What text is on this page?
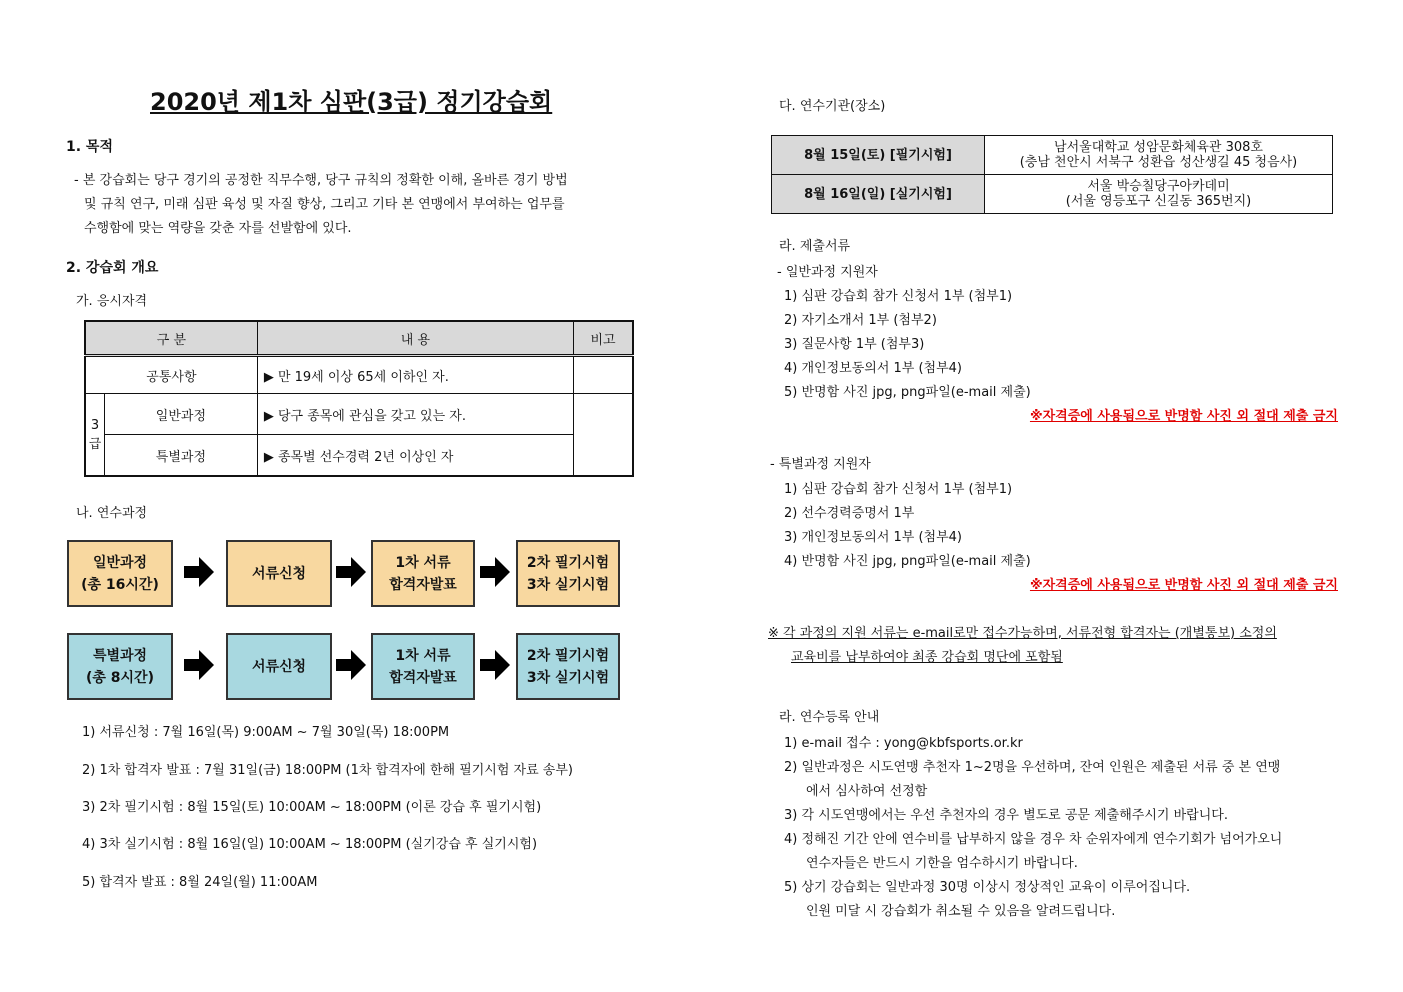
2020년 제1차 심판(3급) 정기강습회
1. 목적
- 본 강습회는 당구 경기의 공정한 직무수행, 당구 규칙의 정확한 이해, 올바른 경기 방법
및 규칙 연구, 미래 심판 육성 및 자질 향상, 그리고 기타 본 연맹에서 부여하는 업무를
수행함에 맞는 역량을 갖춘 자를 선발함에 있다.
2. 강습회 개요
가. 응시자격
구 분		내 용	비고
공통사항		▶ 만 19세 이상 65세 이하인 자.	
3급	일반과정	▶ 당구 종목에 관심을 갖고 있는 자.	
	특별과정	▶ 종목별 선수경력 2년 이상인 자	
나. 연수과정
일반과정
(총 16시간)
서류신청
1차 서류
합격자발표
2차 필기시험
3차 실기시험
특별과정
(총 8시간)
서류신청
1차 서류
합격자발표
2차 필기시험
3차 실기시험
1) 서류신청 : 7월 16일(목) 9:00AM ~ 7월 30일(목) 18:00PM
2) 1차 합격자 발표 : 7월 31일(금) 18:00PM (1차 합격자에 한해 필기시험 자료 송부)
3) 2차 필기시험 : 8월 15일(토) 10:00AM ~ 18:00PM (이론 강습 후 필기시험)
4) 3차 실기시험 : 8월 16일(일) 10:00AM ~ 18:00PM (실기강습 후 실기시험)
5) 합격자 발표 : 8월 24일(월) 11:00AM
다. 연수기관(장소)
8월 15일(토) [필기시험]	남서울대학교 성암문화체육관 308호
(충남 천안시 서북구 성환읍 성산생길 45 청음사)

8월 16일(일) [실기시험]	서울 박승칠당구아카데미
(서울 영등포구 신길동 365번지)
라. 제출서류
- 일반과정 지원자
1) 심판 강습회 참가 신청서 1부 (첨부1)
2) 자기소개서 1부 (첨부2)
3) 질문사항 1부 (첨부3)
4) 개인정보동의서 1부 (첨부4)
5) 반명함 사진 jpg, png파일(e-mail 제출)
※자격증에 사용됨으로 반명함 사진 외 절대 제출 금지
- 특별과정 지원자
1) 심판 강습회 참가 신청서 1부 (첨부1)
2) 선수경력증명서 1부
3) 개인정보동의서 1부 (첨부4)
4) 반명함 사진 jpg, png파일(e-mail 제출)
※자격증에 사용됨으로 반명함 사진 외 절대 제출 금지
※ 각 과정의 지원 서류는 e-mail로만 접수가능하며, 서류전형 합격자는 (개별통보) 소정의
교육비를 납부하여야 최종 강습회 명단에 포함됨
라. 연수등록 안내
1) e-mail 접수 : yong@kbfsports.or.kr
2) 일반과정은 시도연맹 추천자 1~2명을 우선하며, 잔여 인원은 제출된 서류 중 본 연맹
에서 심사하여 선정함
3) 각 시도연맹에서는 우선 추천자의 경우 별도로 공문 제출해주시기 바랍니다.
4) 정해진 기간 안에 연수비를 납부하지 않을 경우 차 순위자에게 연수기회가 넘어가오니
연수자들은 반드시 기한을 엄수하시기 바랍니다.
5) 상기 강습회는 일반과정 30명 이상시 정상적인 교육이 이루어집니다.
인원 미달 시 강습회가 취소될 수 있음을 알려드립니다.
